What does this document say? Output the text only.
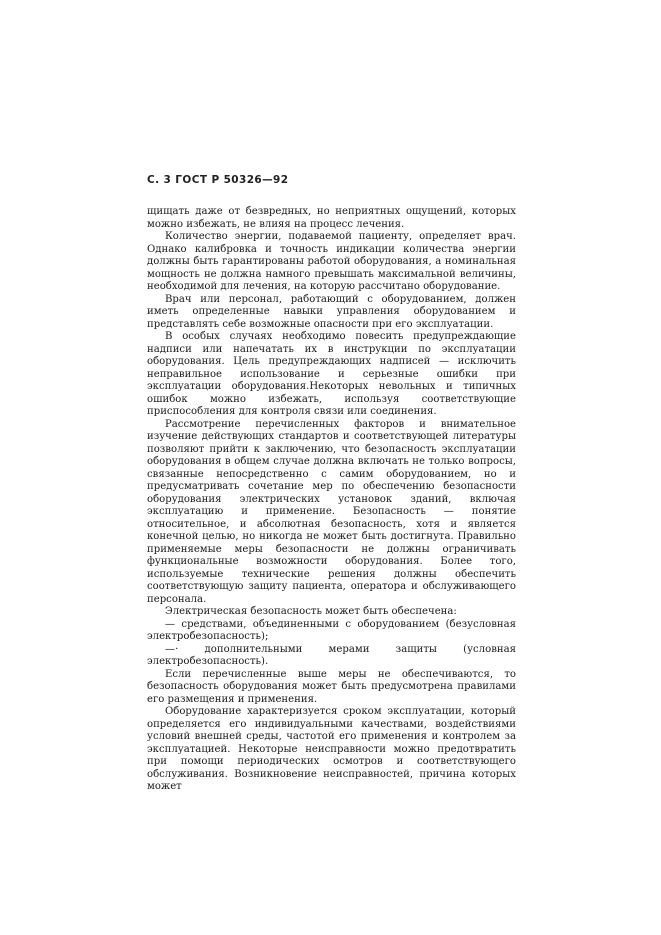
С. 3 ГОСТ Р 50326—92

щищать даже от безвредных, но неприятных ощущений, которых можно избежать, не влияя на процесс лечения.

Количество энергии, подаваемой пациенту, определяет врач. Однако калибровка и точность индикации количества энергии должны быть гарантированы работой оборудования, а номинальная мощность не должна намного превышать максимальной величины, необходимой для лечения, на которую рассчитано оборудование.

Врач или персонал, работающий с оборудованием, должен иметь определенные навыки управления оборудованием и представлять себе возможные опасности при его эксплуатации.

В особых случаях необходимо повесить предупреждающие надписи или напечатать их в инструкции по эксплуатации оборудования. Цель предупреждающих надписей — исключить неправильное использование и серьезные ошибки при эксплуатации оборудования.Некоторых невольных и типичных ошибок можно избежать, используя соответствующие приспособления для контроля связи или соединения.

Рассмотрение перечисленных факторов и внимательное изучение действующих стандартов и соответствующей литературы позволяют прийти к заключению, что безопасность эксплуатации оборудования в общем случае должна включать не только вопросы, связанные непосредственно с самим оборудованием, но и предусматривать сочетание мер по обеспечению безопасности оборудования электрических установок зданий, включая эксплуатацию и применение. Безопасность — понятие относительное, и абсолютная безопасность, хотя и является конечной целью, но никогда не может быть достигнута. Правильно применяемые меры безопасности не должны ограничивать функциональные возможности оборудования. Более того, используемые технические решения должны обеспечить соответствующую защиту пациента, оператора и обслуживающего персонала.

Электрическая безопасность может быть обеспечена:

— средствами, объединенными с оборудованием (безусловная электробезопасность);

—· дополнительными мерами защиты (условная электробезопасность).

Если перечисленные выше меры не обеспечиваются, то безопасность оборудования может быть предусмотрена правилами его размещения и применения.

Оборудование характеризуется сроком эксплуатации, который определяется его индивидуальными качествами, воздействиями условий внешней среды, частотой его применения и контролем за эксплуатацией. Некоторые неисправности можно предотвратить при помощи периодических осмотров и соответствующего обслуживания. Возникновение неисправностей, причина которых может
